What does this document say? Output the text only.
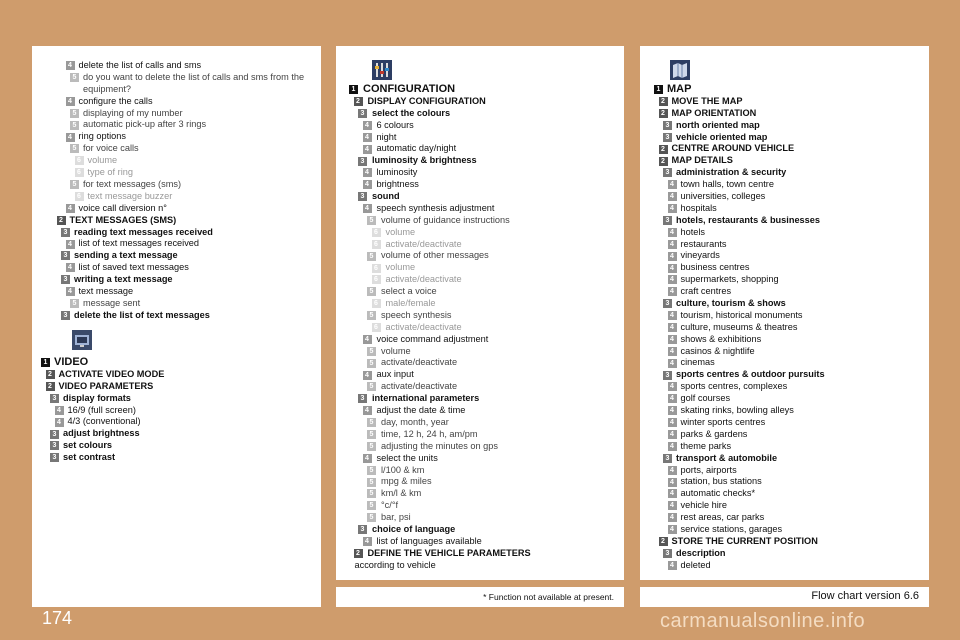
4 delete the list of calls and sms
5 do you want to delete the list of calls and sms from the equipment?
4 configure the calls
5 displaying of my number
5 automatic pick-up after 3 rings
4 ring options
5 for voice calls
6 volume
6 type of ring
5 for text messages (sms)
6 text message buzzer
4 voice call diversion n°
2 TEXT MESSAGES (SMS)
3 reading text messages received
4 list of text messages received
3 sending a text message
4 list of saved text messages
3 writing a text message
4 text message
5 message sent
3 delete the list of text messages
1 VIDEO
2 ACTIVATE VIDEO MODE
2 VIDEO PARAMETERS
3 display formats
4 16/9 (full screen)
4 4/3 (conventional)
3 adjust brightness
3 set colours
3 set contrast
1 CONFIGURATION
2 DISPLAY CONFIGURATION
3 select the colours
4 6 colours
4 night
4 automatic day/night
3 luminosity & brightness
4 luminosity
4 brightness
3 sound
4 speech synthesis adjustment
5 volume of guidance instructions
6 volume
6 activate/deactivate
5 volume of other messages
6 volume
6 activate/deactivate
5 select a voice
6 male/female
5 speech synthesis
6 activate/deactivate
4 voice command adjustment
5 volume
5 activate/deactivate
4 aux input
5 activate/deactivate
3 international parameters
4 adjust the date & time
5 day, month, year
5 time, 12 h, 24 h, am/pm
5 adjusting the minutes on gps
4 select the units
5 l/100 & km
5 mpg & miles
5 km/l & km
5 °c/°f
5 bar, psi
3 choice of language
4 list of languages available
2 DEFINE THE VEHICLE PARAMETERS
according to vehicle
1 MAP
2 MOVE THE MAP
2 MAP ORIENTATION
3 north oriented map
3 vehicle oriented map
2 CENTRE AROUND VEHICLE
2 MAP DETAILS
3 administration & security
4 town halls, town centre
4 universities, colleges
4 hospitals
3 hotels, restaurants & businesses
4 hotels
4 restaurants
4 vineyards
4 business centres
4 supermarkets, shopping
4 craft centres
3 culture, tourism & shows
4 tourism, historical monuments
4 culture, museums & theatres
4 shows & exhibitions
4 casinos & nightlife
4 cinemas
3 sports centres & outdoor pursuits
4 sports centres, complexes
4 golf courses
4 skating rinks, bowling alleys
4 winter sports centres
4 parks & gardens
4 theme parks
3 transport & automobile
4 ports, airports
4 station, bus stations
4 automatic checks*
4 vehicle hire
4 rest areas, car parks
4 service stations, garages
2 STORE THE CURRENT POSITION
3 description
4 deleted
* Function not available at present.	Flow chart version 6.6
174	carmanualsonline.info
